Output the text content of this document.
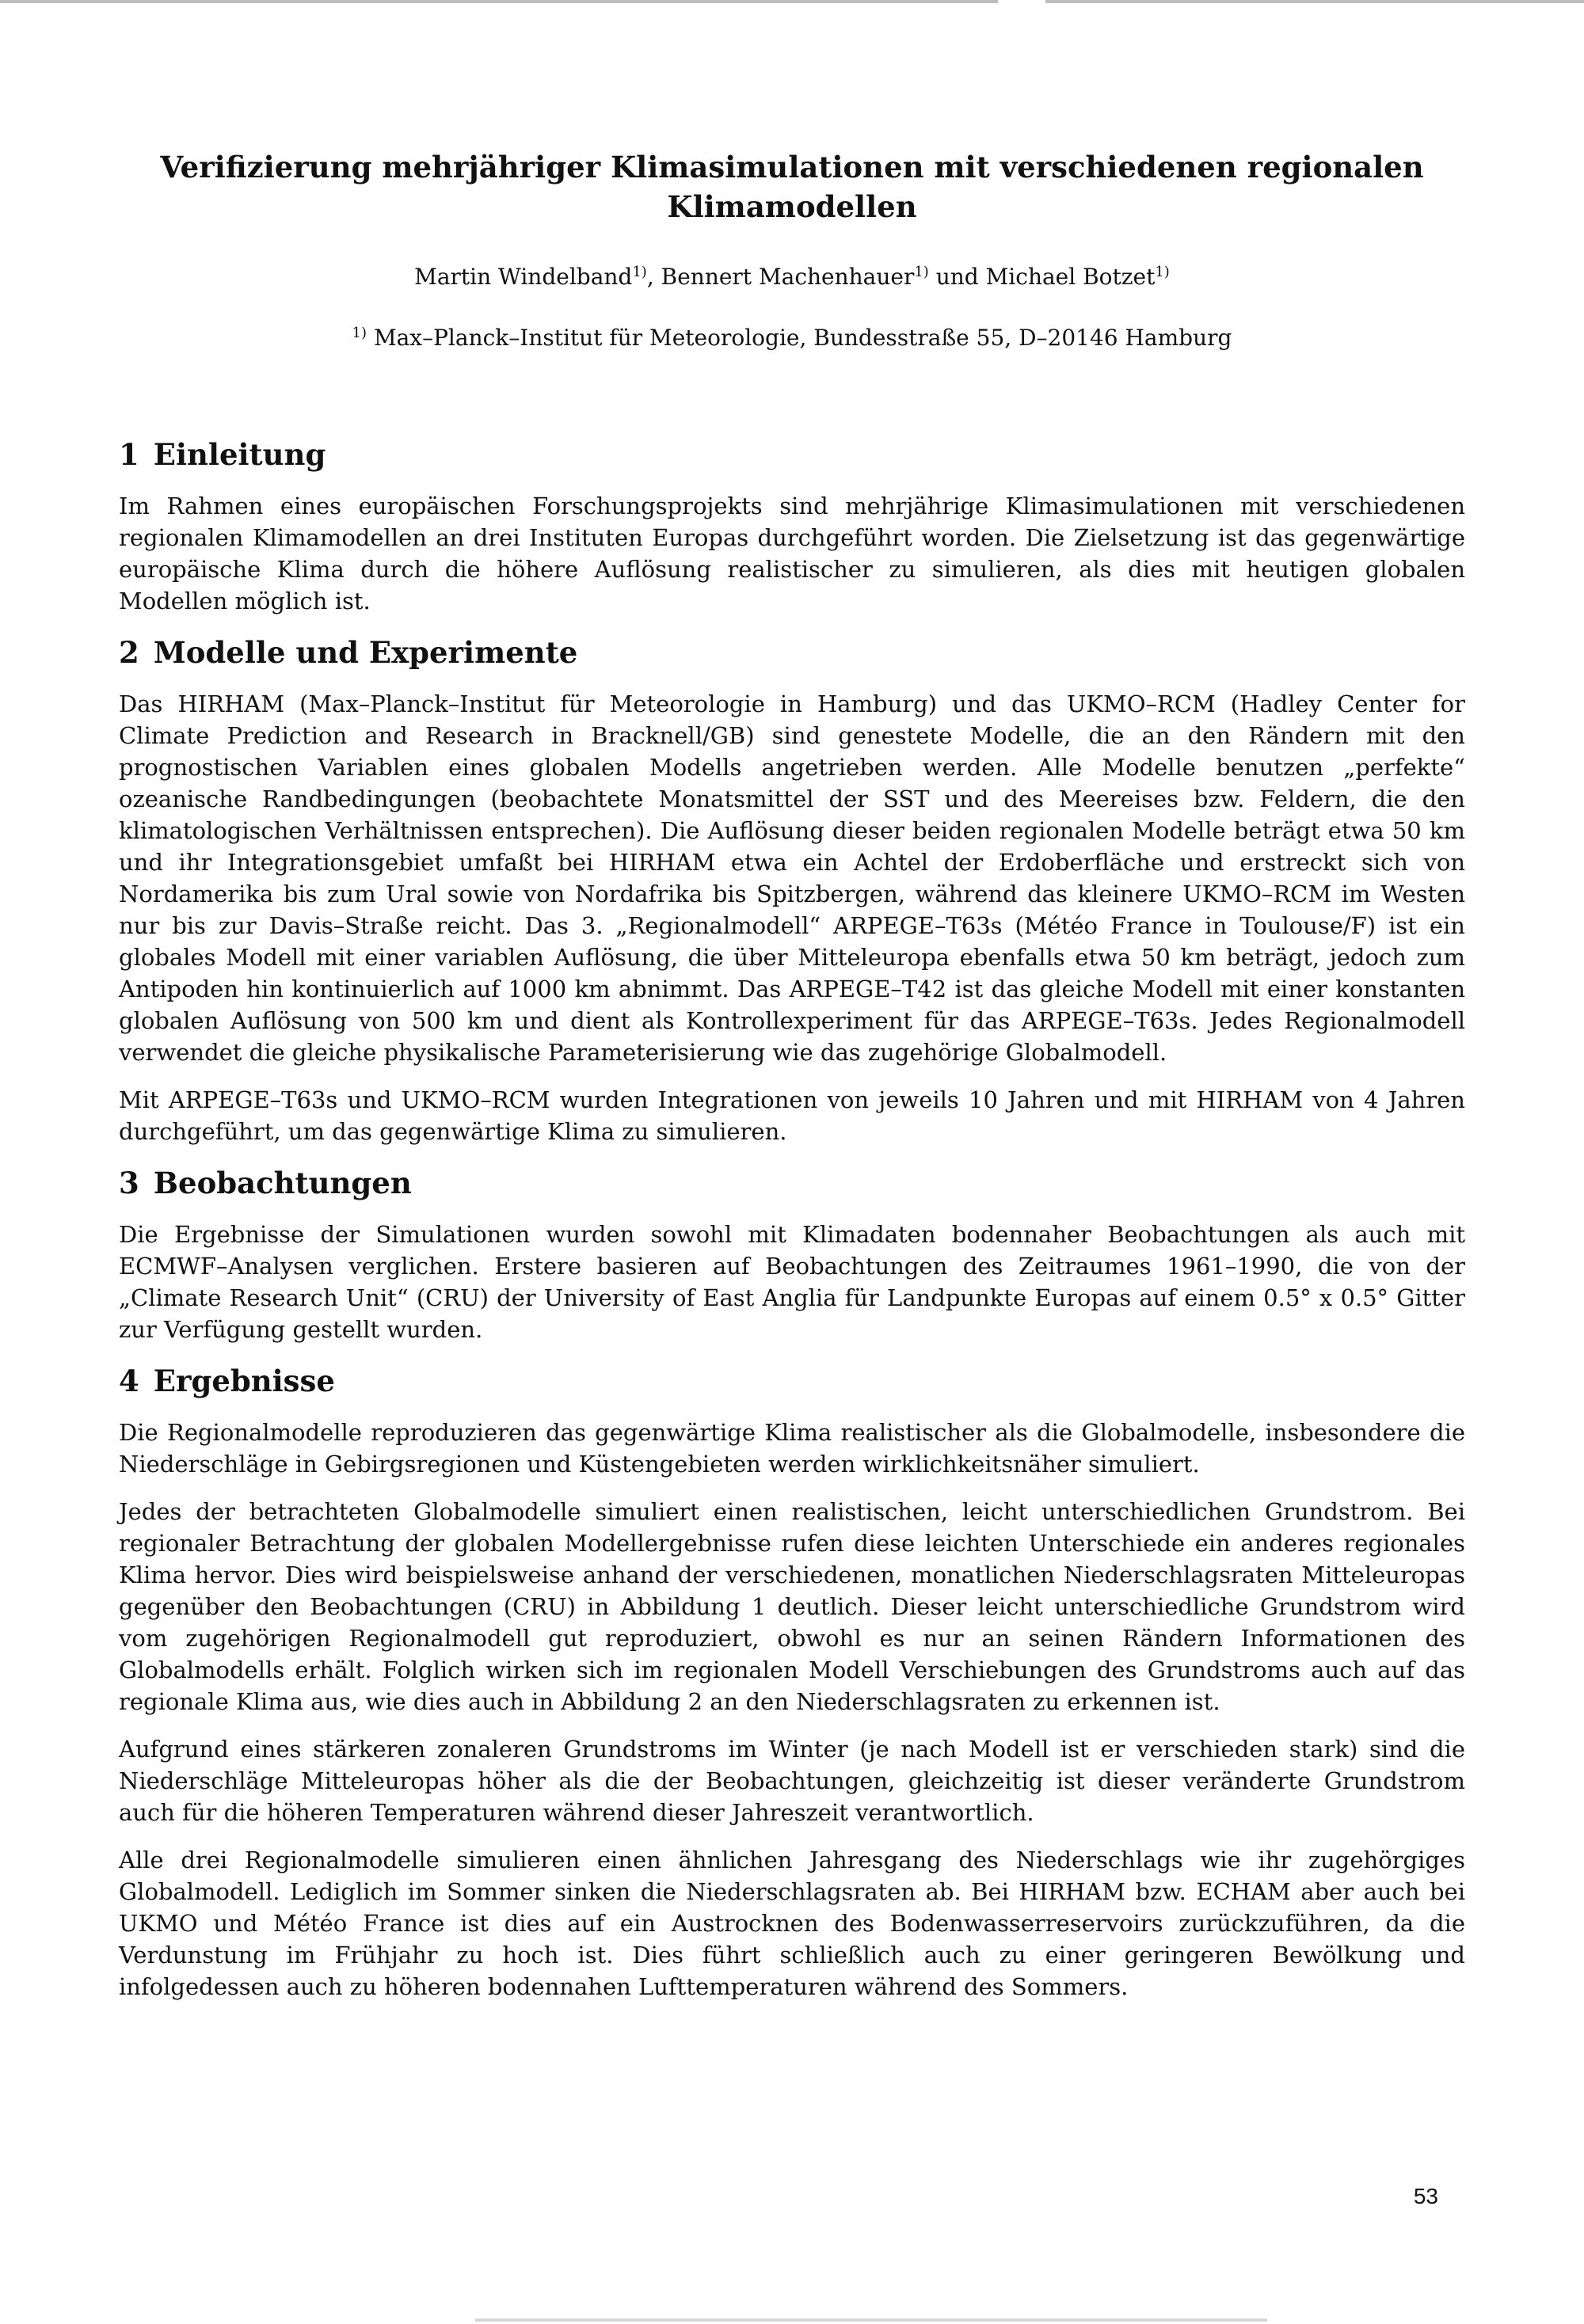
Verifizierung mehrjähriger Klimasimulationen mit verschiedenen regionalen Klimamodellen
Martin Windelband$^{1)}$, Bennert Machenhauer$^{1)}$ und Michael Botzet$^{1)}$
$^{1)}$ Max–Planck–Institut für Meteorologie, Bundesstraße 55, D–20146 Hamburg
1 Einleitung

Im Rahmen eines europäischen Forschungsprojekts sind mehrjährige Klimasimulationen mit verschiedenen regionalen Klimamodellen an drei Instituten Europas durchgeführt worden. Die Zielsetzung ist das gegenwärtige europäische Klima durch die höhere Auflösung realistischer zu simulieren, als dies mit heutigen globalen Modellen möglich ist.

2 Modelle und Experimente

Das HIRHAM (Max–Planck–Institut für Meteorologie in Hamburg) und das UKMO–RCM (Hadley Center for Climate Prediction and Research in Bracknell/GB) sind genestete Modelle, die an den Rändern mit den prognostischen Variablen eines globalen Modells angetrieben werden. Alle Modelle benutzen „perfekte“ ozeanische Randbedingungen (beobachtete Monatsmittel der SST und des Meereises bzw. Feldern, die den klimatologischen Verhältnissen entsprechen). Die Auflösung dieser beiden regionalen Modelle beträgt etwa 50 km und ihr Integrationsgebiet umfaßt bei HIRHAM etwa ein Achtel der Erdoberfläche und erstreckt sich von Nordamerika bis zum Ural sowie von Nordafrika bis Spitzbergen, während das kleinere UKMO–RCM im Westen nur bis zur Davis–Straße reicht. Das 3. „Regionalmodell“ ARPEGE–T63s (Météo France in Toulouse/F) ist ein globales Modell mit einer variablen Auflösung, die über Mitteleuropa ebenfalls etwa 50 km beträgt, jedoch zum Antipoden hin kontinuierlich auf 1000 km abnimmt. Das ARPEGE–T42 ist das gleiche Modell mit einer konstanten globalen Auflösung von 500 km und dient als Kontrollexperiment für das ARPEGE–T63s. Jedes Regionalmodell verwendet die gleiche physikalische Parameterisierung wie das zugehörige Globalmodell.

Mit ARPEGE–T63s und UKMO–RCM wurden Integrationen von jeweils 10 Jahren und mit HIRHAM von 4 Jahren durchgeführt, um das gegenwärtige Klima zu simulieren.

3 Beobachtungen

Die Ergebnisse der Simulationen wurden sowohl mit Klimadaten bodennaher Beobachtungen als auch mit ECMWF–Analysen verglichen. Erstere basieren auf Beobachtungen des Zeitraumes 1961–1990, die von der „Climate Research Unit“ (CRU) der University of East Anglia für Landpunkte Europas auf einem 0.5° x 0.5° Gitter zur Verfügung gestellt wurden.

4 Ergebnisse

Die Regionalmodelle reproduzieren das gegenwärtige Klima realistischer als die Globalmodelle, insbesondere die Niederschläge in Gebirgsregionen und Küstengebieten werden wirklichkeitsnäher simuliert.

Jedes der betrachteten Globalmodelle simuliert einen realistischen, leicht unterschiedlichen Grundstrom. Bei regionaler Betrachtung der globalen Modellergebnisse rufen diese leichten Unterschiede ein anderes regionales Klima hervor. Dies wird beispielsweise anhand der verschiedenen, monatlichen Niederschlagsraten Mitteleuropas gegenüber den Beobachtungen (CRU) in Abbildung 1 deutlich. Dieser leicht unterschiedliche Grundstrom wird vom zugehörigen Regionalmodell gut reproduziert, obwohl es nur an seinen Rändern Informationen des Globalmodells erhält. Folglich wirken sich im regionalen Modell Verschiebungen des Grundstroms auch auf das regionale Klima aus, wie dies auch in Abbildung 2 an den Niederschlagsraten zu erkennen ist.

Aufgrund eines stärkeren zonaleren Grundstroms im Winter (je nach Modell ist er verschieden stark) sind die Niederschläge Mitteleuropas höher als die der Beobachtungen, gleichzeitig ist dieser veränderte Grundstrom auch für die höheren Temperaturen während dieser Jahreszeit verantwortlich.

Alle drei Regionalmodelle simulieren einen ähnlichen Jahresgang des Niederschlags wie ihr zugehörgiges Globalmodell. Lediglich im Sommer sinken die Niederschlagsraten ab. Bei HIRHAM bzw. ECHAM aber auch bei UKMO und Météo France ist dies auf ein Austrocknen des Bodenwasserreservoirs zurückzuführen, da die Verdunstung im Frühjahr zu hoch ist. Dies führt schließlich auch zu einer geringeren Bewölkung und infolgedessen auch zu höheren bodennahen Lufttemperaturen während des Sommers.

53
